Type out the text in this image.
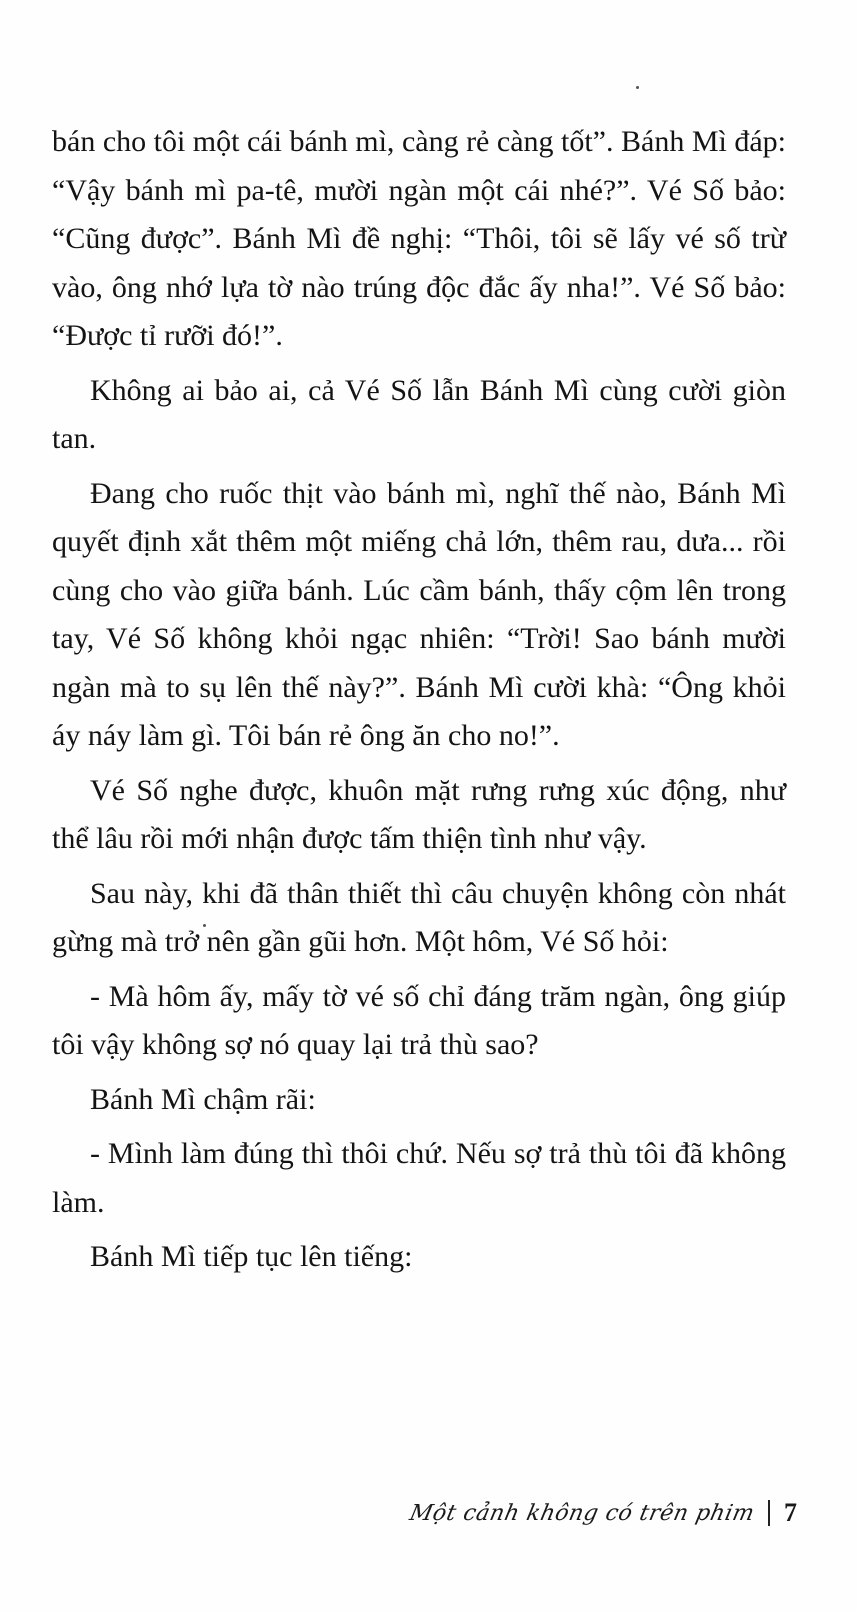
bán cho tôi một cái bánh mì, càng rẻ càng tốt”. Bánh Mì đáp: “Vậy bánh mì pa-tê, mười ngàn một cái nhé?”. Vé Số bảo: “Cũng được”. Bánh Mì đề nghị: “Thôi, tôi sẽ lấy vé số trừ vào, ông nhớ lựa tờ nào trúng độc đắc ấy nha!”. Vé Số bảo: “Được tỉ rưỡi đó!”.

Không ai bảo ai, cả Vé Số lẫn Bánh Mì cùng cười giòn tan.

Đang cho ruốc thịt vào bánh mì, nghĩ thế nào, Bánh Mì quyết định xắt thêm một miếng chả lớn, thêm rau, dưa... rồi cùng cho vào giữa bánh. Lúc cầm bánh, thấy cộm lên trong tay, Vé Số không khỏi ngạc nhiên: “Trời! Sao bánh mười ngàn mà to sụ lên thế này?”. Bánh Mì cười khà: “Ông khỏi áy náy làm gì. Tôi bán rẻ ông ăn cho no!”.

Vé Số nghe được, khuôn mặt rưng rưng xúc động, như thể lâu rồi mới nhận được tấm thiện tình như vậy.

Sau này, khi đã thân thiết thì câu chuyện không còn nhát gừng mà trở nên gần gũi hơn. Một hôm, Vé Số hỏi:

- Mà hôm ấy, mấy tờ vé số chỉ đáng trăm ngàn, ông giúp tôi vậy không sợ nó quay lại trả thù sao?

Bánh Mì chậm rãi:

- Mình làm đúng thì thôi chứ. Nếu sợ trả thù tôi đã không làm.

Bánh Mì tiếp tục lên tiếng:

Một cảnh không có trên phim 7
